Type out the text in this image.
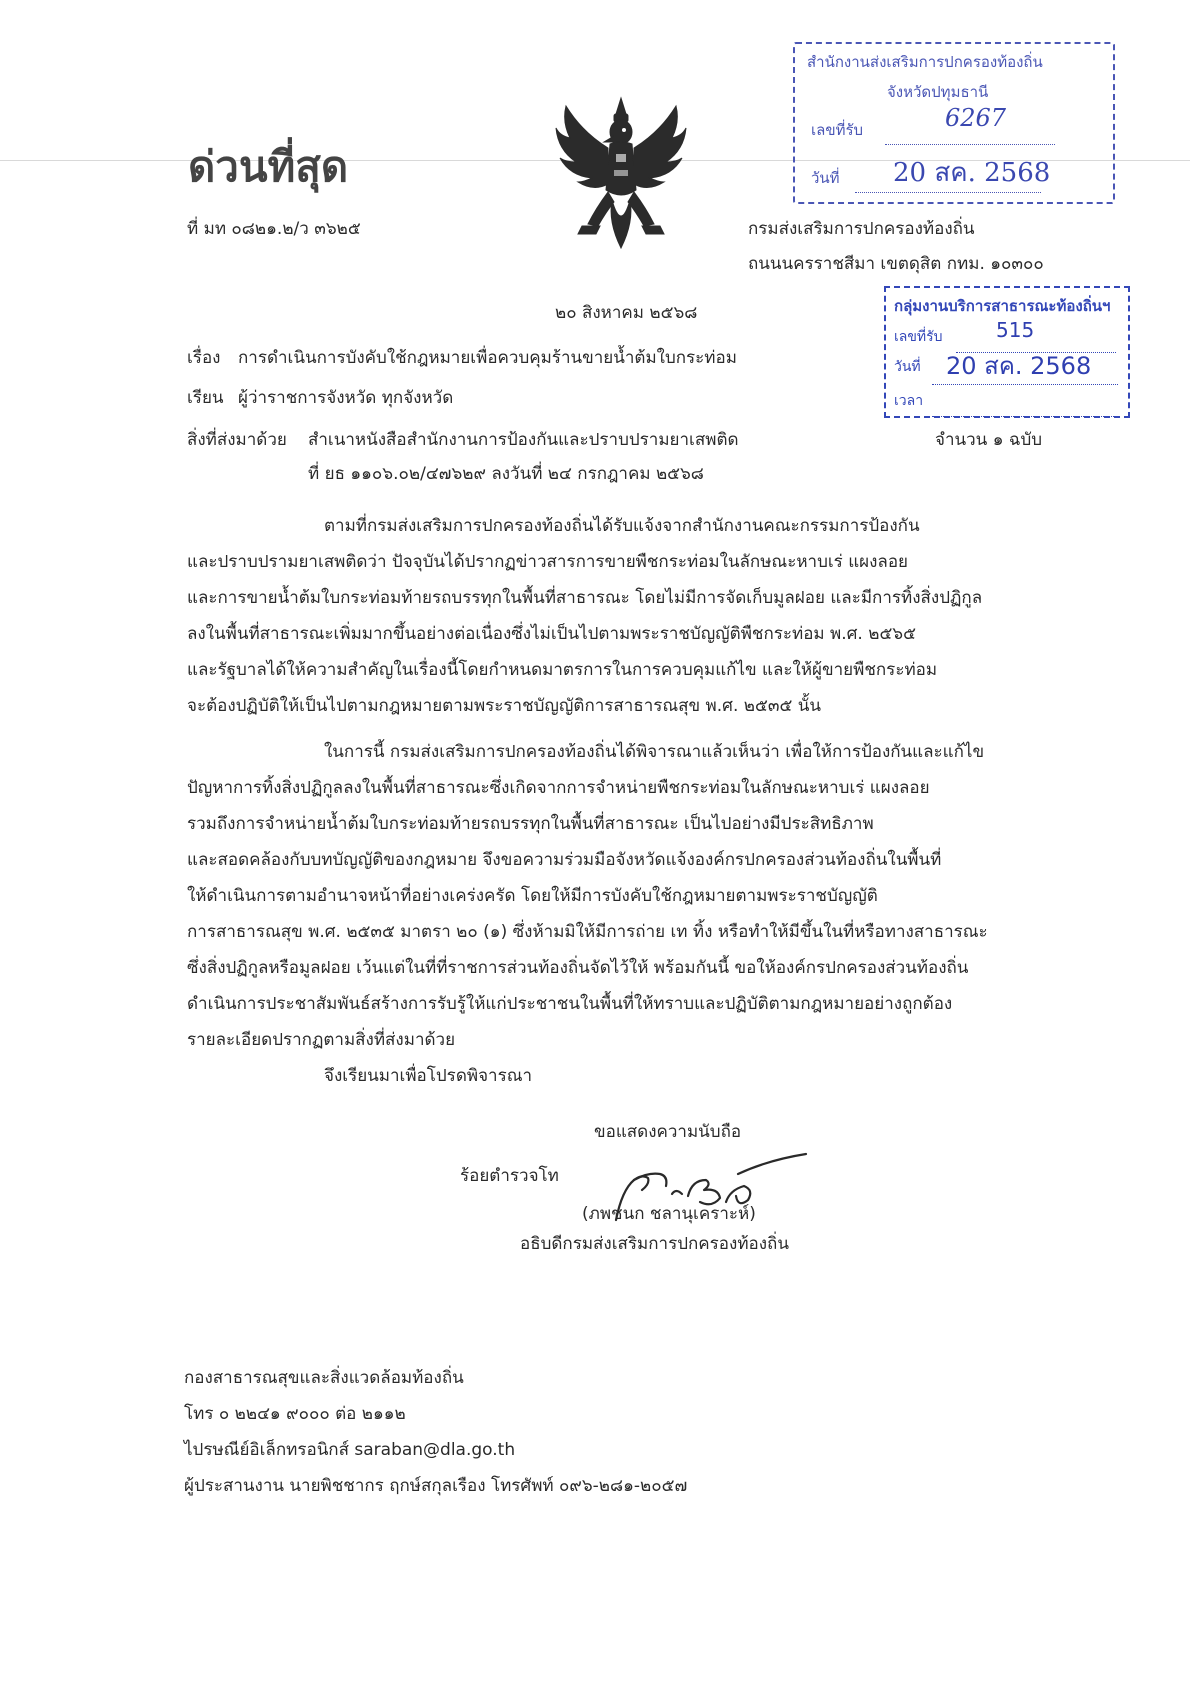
ด่วนที่สุด
สำนักงานส่งเสริมการปกครองท้องถิ่น
จังหวัดปทุมธานี
เลขที่รับ	6267
วันที่ 20 สค. 2568
ที่ มท ๐๘๒๑.๒/ว ๓๖๒๕	กรมส่งเสริมการปกครองท้องถิ่น
ถนนนครราชสีมา เขตดุสิต กทม. ๑๐๓๐๐
๒๐ สิงหาคม ๒๕๖๘	กลุ่มงานบริการสาธารณะท้องถิ่นฯ
เลขที่รับ	515
วันที่ 20 สค. 2568
เวลา
เรื่อง การดำเนินการบังคับใช้กฎหมายเพื่อควบคุมร้านขายน้ำต้มใบกระท่อม
เรียน ผู้ว่าราชการจังหวัด ทุกจังหวัด
สิ่งที่ส่งมาด้วย สำเนาหนังสือสำนักงานการป้องกันและปราบปรามยาเสพติด	จำนวน ๑ ฉบับ
ที่ ยธ ๑๑๐๖.๐๒/๔๗๖๒๙ ลงวันที่ ๒๔ กรกฎาคม ๒๕๖๘
ตามที่กรมส่งเสริมการปกครองท้องถิ่นได้รับแจ้งจากสำนักงานคณะกรรมการป้องกัน
และปราบปรามยาเสพติดว่า ปัจจุบันได้ปรากฏข่าวสารการขายพืชกระท่อมในลักษณะหาบเร่ แผงลอย
และการขายน้ำต้มใบกระท่อมท้ายรถบรรทุกในพื้นที่สาธารณะ โดยไม่มีการจัดเก็บมูลฝอย และมีการทิ้งสิ่งปฏิกูล
ลงในพื้นที่สาธารณะเพิ่มมากขึ้นอย่างต่อเนื่องซึ่งไม่เป็นไปตามพระราชบัญญัติพืชกระท่อม พ.ศ. ๒๕๖๕
และรัฐบาลได้ให้ความสำคัญในเรื่องนี้โดยกำหนดมาตรการในการควบคุมแก้ไข และให้ผู้ขายพืชกระท่อม
จะต้องปฏิบัติให้เป็นไปตามกฎหมายตามพระราชบัญญัติการสาธารณสุข พ.ศ. ๒๕๓๕ นั้น
ในการนี้ กรมส่งเสริมการปกครองท้องถิ่นได้พิจารณาแล้วเห็นว่า เพื่อให้การป้องกันและแก้ไข
ปัญหาการทิ้งสิ่งปฏิกูลลงในพื้นที่สาธารณะซึ่งเกิดจากการจำหน่ายพืชกระท่อมในลักษณะหาบเร่ แผงลอย
รวมถึงการจำหน่ายน้ำต้มใบกระท่อมท้ายรถบรรทุกในพื้นที่สาธารณะ เป็นไปอย่างมีประสิทธิภาพ
และสอดคล้องกับบทบัญญัติของกฎหมาย จึงขอความร่วมมือจังหวัดแจ้งองค์กรปกครองส่วนท้องถิ่นในพื้นที่
ให้ดำเนินการตามอำนาจหน้าที่อย่างเคร่งครัด โดยให้มีการบังคับใช้กฎหมายตามพระราชบัญญัติ
การสาธารณสุข พ.ศ. ๒๕๓๕ มาตรา ๒๐ (๑) ซึ่งห้ามมิให้มีการถ่าย เท ทิ้ง หรือทำให้มีขึ้นในที่หรือทางสาธารณะ
ซึ่งสิ่งปฏิกูลหรือมูลฝอย เว้นแต่ในที่ที่ราชการส่วนท้องถิ่นจัดไว้ให้ พร้อมกันนี้ ขอให้องค์กรปกครองส่วนท้องถิ่น
ดำเนินการประชาสัมพันธ์สร้างการรับรู้ให้แก่ประชาชนในพื้นที่ให้ทราบและปฏิบัติตามกฎหมายอย่างถูกต้อง
รายละเอียดปรากฏตามสิ่งที่ส่งมาด้วย
จึงเรียนมาเพื่อโปรดพิจารณา
ขอแสดงความนับถือ
ร้อยตำรวจโท
(ภพชนก ชลานุเคราะห์)
อธิบดีกรมส่งเสริมการปกครองท้องถิ่น
กองสาธารณสุขและสิ่งแวดล้อมท้องถิ่น
โทร ๐ ๒๒๔๑ ๙๐๐๐ ต่อ ๒๑๑๒
ไปรษณีย์อิเล็กทรอนิกส์ saraban@dla.go.th
ผู้ประสานงาน นายพิชชากร ฤกษ์สกุลเรือง โทรศัพท์ ๐๙๖-๒๘๑-๒๐๕๗
